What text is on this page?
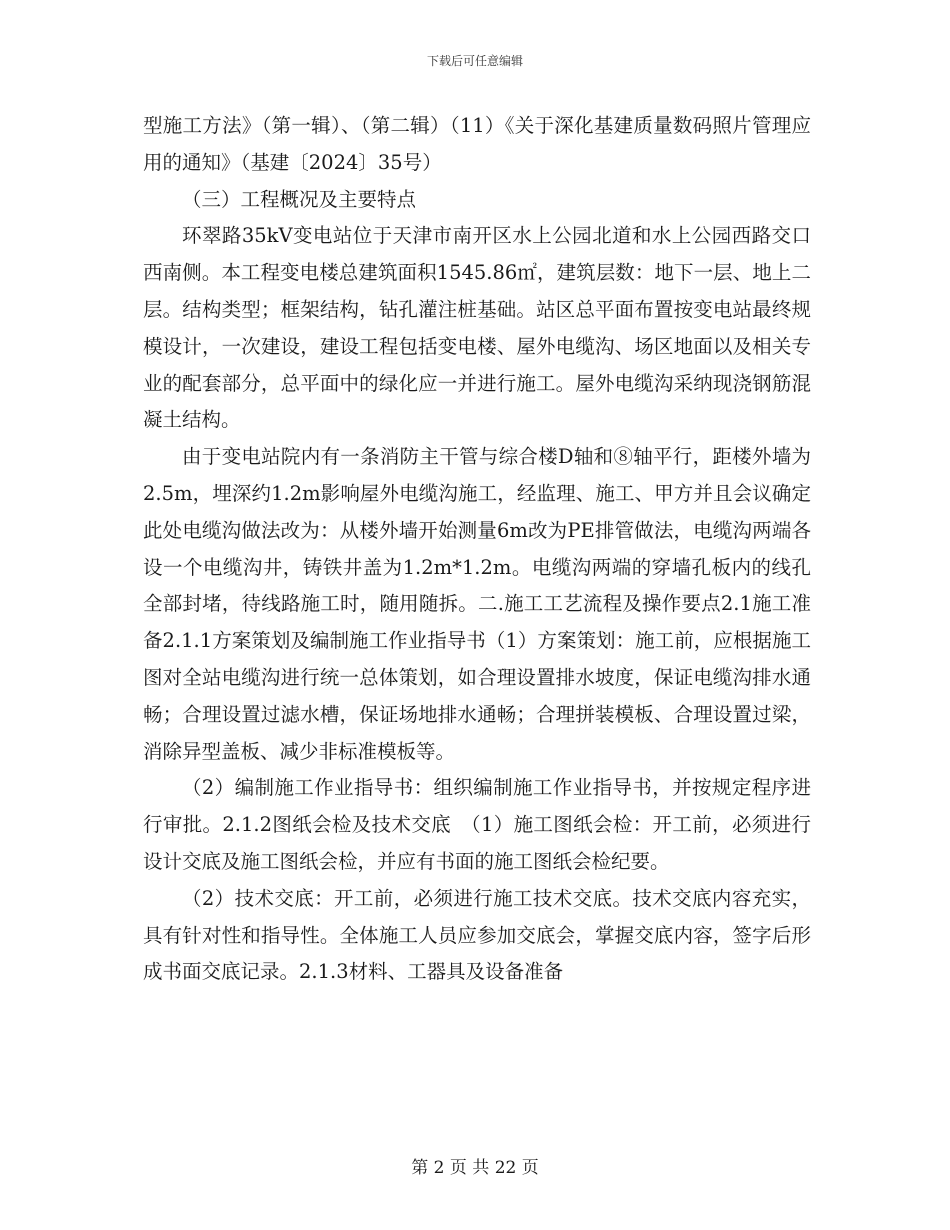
下载后可任意编辑

型施工方法》（第一辑）、（第二辑）（11）《关于深化基建质量数码照片管理应用的通知》（基建〔2024〕35号）

（三）工程概况及主要特点

环翠路35kV变电站位于天津市南开区水上公园北道和水上公园西路交口西南侧。本工程变电楼总建筑面积1545.86㎡，建筑层数：地下一层、地上二层。结构类型；框架结构，钻孔灌注桩基础。站区总平面布置按变电站最终规模设计，一次建设，建设工程包括变电楼、屋外电缆沟、场区地面以及相关专业的配套部分，总平面中的绿化应一并进行施工。屋外电缆沟采纳现浇钢筋混凝土结构。

由于变电站院内有一条消防主干管与综合楼D轴和⑧轴平行，距楼外墙为2.5m，埋深约1.2m影响屋外电缆沟施工，经监理、施工、甲方并且会议确定此处电缆沟做法改为：从楼外墙开始测量6m改为PE排管做法，电缆沟两端各设一个电缆沟井，铸铁井盖为1.2m*1.2m。电缆沟两端的穿墙孔板内的线孔全部封堵，待线路施工时，随用随拆。二.施工工艺流程及操作要点2.1施工准备2.1.1方案策划及编制施工作业指导书（1）方案策划：施工前，应根据施工图对全站电缆沟进行统一总体策划，如合理设置排水坡度，保证电缆沟排水通畅；合理设置过滤水槽，保证场地排水通畅；合理拼装模板、合理设置过梁，消除异型盖板、减少非标准模板等。

（2）编制施工作业指导书：组织编制施工作业指导书，并按规定程序进行审批。2.1.2图纸会检及技术交底　（1）施工图纸会检：开工前，必须进行设计交底及施工图纸会检，并应有书面的施工图纸会检纪要。

（2）技术交底：开工前，必须进行施工技术交底。技术交底内容充实，具有针对性和指导性。全体施工人员应参加交底会，掌握交底内容，签字后形成书面交底记录。2.1.3材料、工器具及设备准备

第 2 页 共 22 页
